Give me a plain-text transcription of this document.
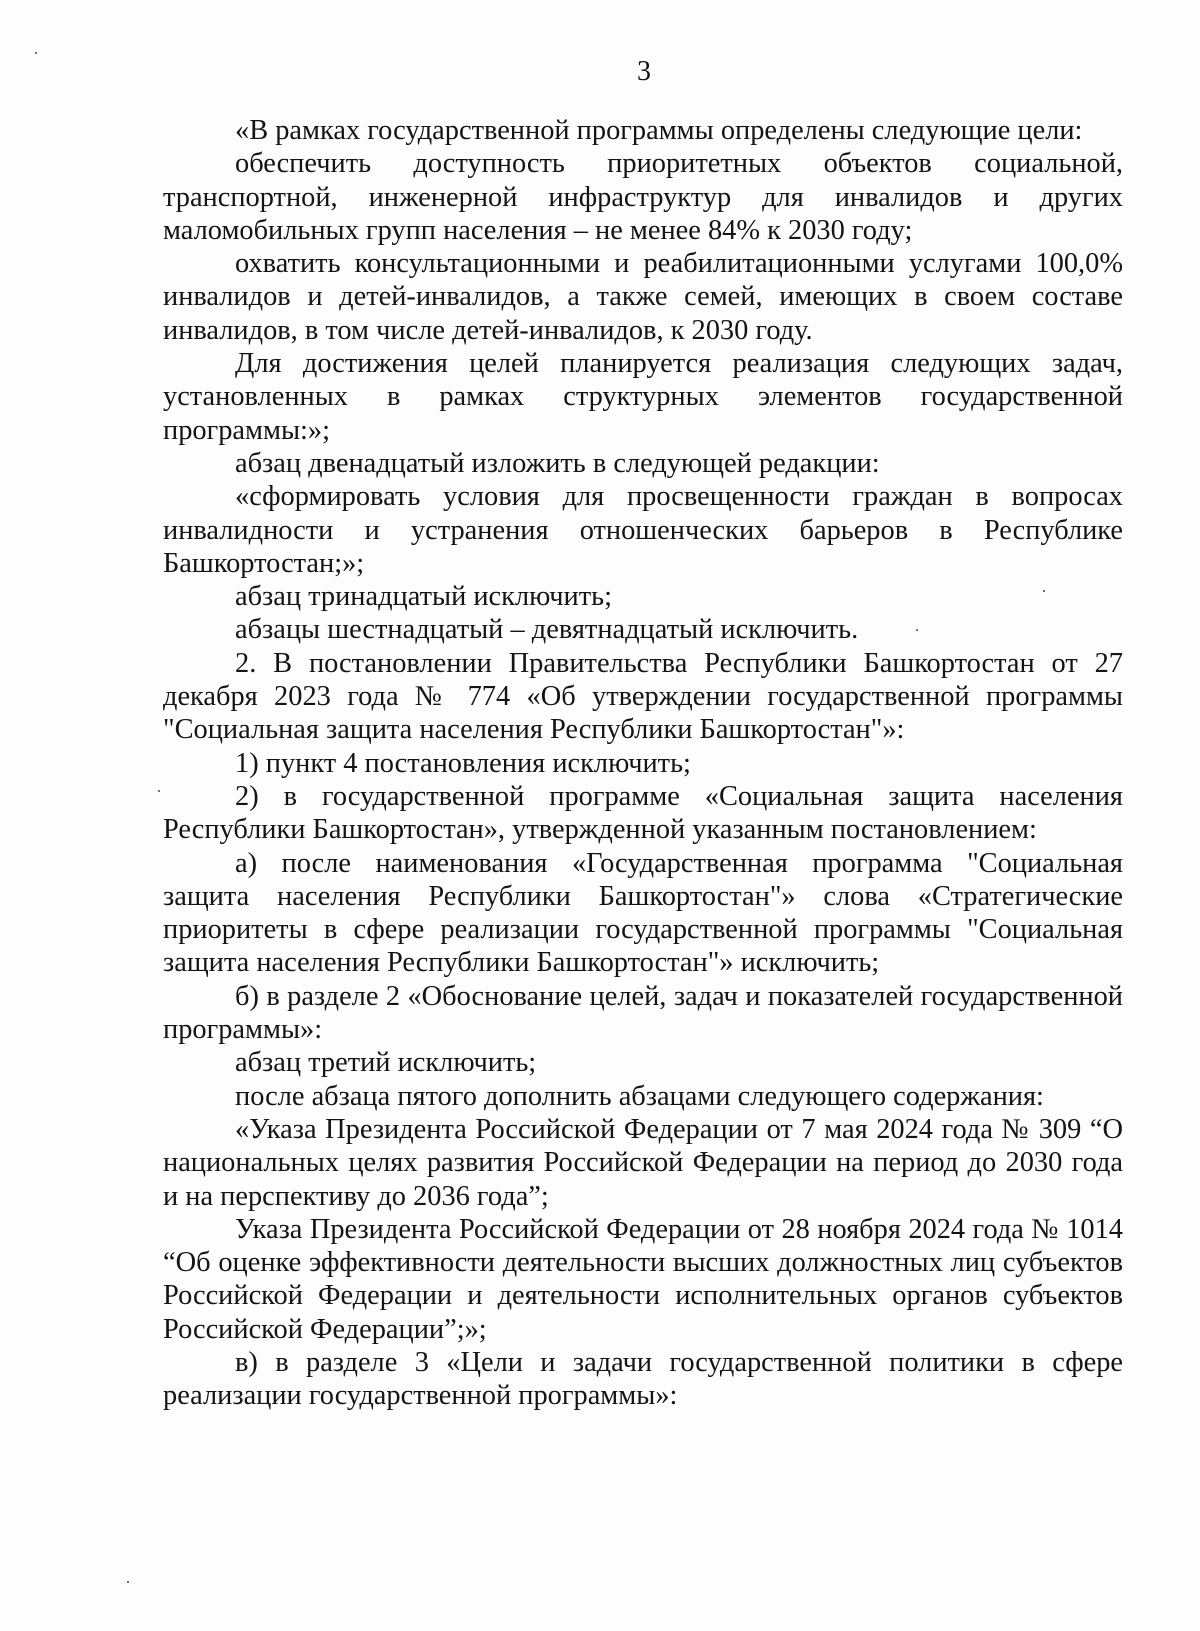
3

«В рамках государственной программы определены следующие цели:

обеспечить доступность приоритетных объектов социальной, транспортной, инженерной инфраструктур для инвалидов и других маломобильных групп населения – не менее 84% к 2030 году;

охватить консультационными и реабилитационными услугами 100,0% инвалидов и детей-инвалидов, а также семей, имеющих в своем составе инвалидов, в том числе детей-инвалидов, к 2030 году.

Для достижения целей планируется реализация следующих задач, установленных в рамках структурных элементов государственной программы:»;

абзац двенадцатый изложить в следующей редакции:

«сформировать условия для просвещенности граждан в вопросах инвалидности и устранения отношенческих барьеров в Республике Башкортостан;»;

абзац тринадцатый исключить;

абзацы шестнадцатый – девятнадцатый исключить.

2. В постановлении Правительства Республики Башкортостан от 27 декабря 2023 года № 774 «Об утверждении государственной программы "Социальная защита населения Республики Башкортостан"»:

1) пункт 4 постановления исключить;

2) в государственной программе «Социальная защита населения Республики Башкортостан», утвержденной указанным постановлением:

а) после наименования «Государственная программа "Социальная защита населения Республики Башкортостан"» слова «Стратегические приоритеты в сфере реализации государственной программы "Социальная защита населения Республики Башкортостан"» исключить;

б) в разделе 2 «Обоснование целей, задач и показателей государственной программы»:

абзац третий исключить;

после абзаца пятого дополнить абзацами следующего содержания:

«Указа Президента Российской Федерации от 7 мая 2024 года № 309 “О национальных целях развития Российской Федерации на период до 2030 года и на перспективу до 2036 года”;

Указа Президента Российской Федерации от 28 ноября 2024 года № 1014 “Об оценке эффективности деятельности высших должностных лиц субъектов Российской Федерации и деятельности исполнительных органов субъектов Российской Федерации”;»;

в) в разделе 3 «Цели и задачи государственной политики в сфере реализации государственной программы»:
